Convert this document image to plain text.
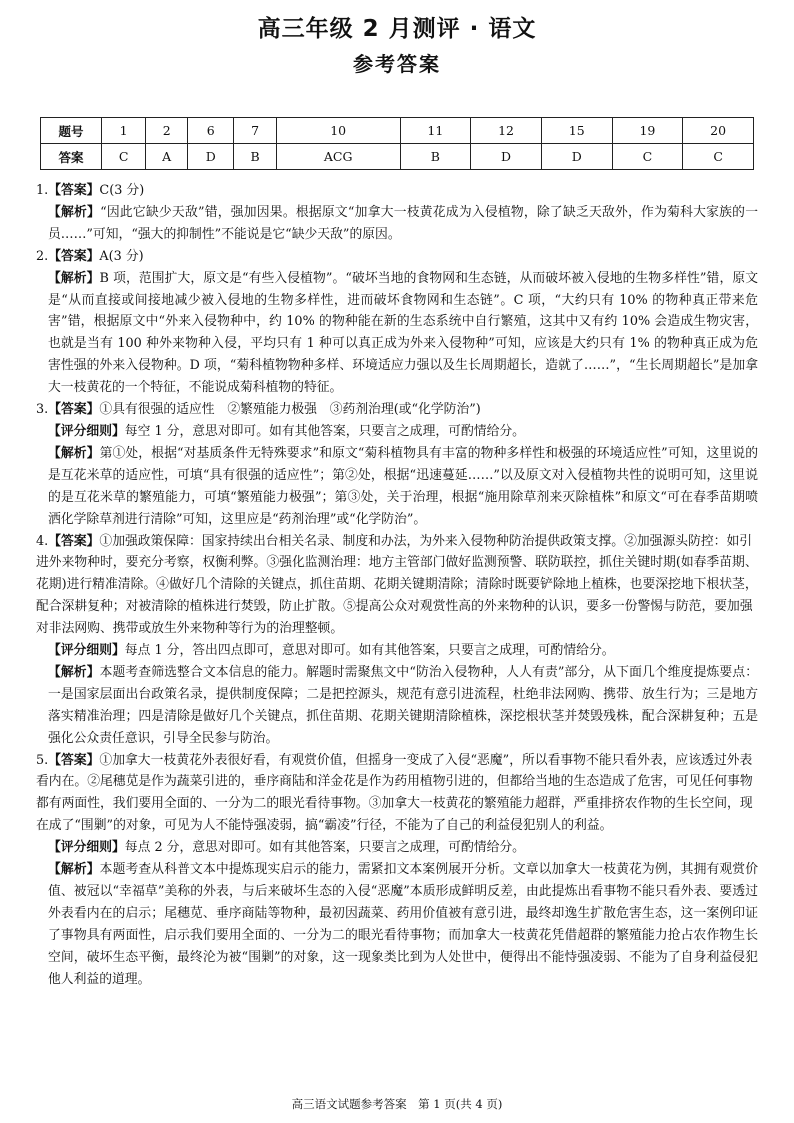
高三年级 2 月测评 · 语文
参考答案
题号	1	2	6	7	10	11	12	15	19	20
答案	C	A	D	B	ACG	B	D	D	C	C

1.【答案】C(3 分)

【解析】“因此它缺少天敌”错，强加因果。根据原文“加拿大一枝黄花成为入侵植物，除了缺乏天敌外，作为菊科大家族的一员……”可知，“强大的抑制性”不能说是它“缺少天敌”的原因。

2.【答案】A(3 分)

【解析】B 项，范围扩大，原文是“有些入侵植物”。“破坏当地的食物网和生态链，从而破坏被入侵地的生物多样性”错，原文是“从而直接或间接地减少被入侵地的生物多样性，进而破坏食物网和生态链”。C 项，“大约只有 10% 的物种真正带来危害”错，根据原文中“外来入侵物种中，约 10% 的物种能在新的生态系统中自行繁殖，这其中又有约 10% 会造成生物灾害，也就是当有 100 种外来物种入侵，平均只有 1 种可以真正成为外来入侵物种”可知，应该是大约只有 1% 的物种真正成为危害性强的外来入侵物种。D 项，“菊科植物物种多样、环境适应力强以及生长周期超长，造就了……”，“生长周期超长”是加拿大一枝黄花的一个特征，不能说成菊科植物的特征。

3.【答案】①具有很强的适应性　②繁殖能力极强　③药剂治理(或“化学防治”)

【评分细则】每空 1 分，意思对即可。如有其他答案，只要言之成理，可酌情给分。

【解析】第①处，根据“对基质条件无特殊要求”和原文“菊科植物具有丰富的物种多样性和极强的环境适应性”可知，这里说的是互花米草的适应性，可填“具有很强的适应性”；第②处，根据“迅速蔓延……”以及原文对入侵植物共性的说明可知，这里说的是互花米草的繁殖能力，可填“繁殖能力极强”；第③处，关于治理，根据“施用除草剂来灭除植株”和原文“可在春季苗期喷洒化学除草剂进行清除”可知，这里应是“药剂治理”或“化学防治”。

4.【答案】①加强政策保障：国家持续出台相关名录、制度和办法，为外来入侵物种防治提供政策支撑。②加强源头防控：如引进外来物种时，要充分考察，权衡利弊。③强化监测治理：地方主管部门做好监测预警、联防联控，抓住关键时期(如春季苗期、花期)进行精准清除。④做好几个清除的关键点，抓住苗期、花期关键期清除；清除时既要铲除地上植株，也要深挖地下根状茎，配合深耕复种；对被清除的植株进行焚毁，防止扩散。⑤提高公众对观赏性高的外来物种的认识，要多一份警惕与防范，要加强对非法网购、携带或放生外来物种等行为的治理整顿。

【评分细则】每点 1 分，答出四点即可，意思对即可。如有其他答案，只要言之成理，可酌情给分。

【解析】本题考查筛选整合文本信息的能力。解题时需聚焦文中“防治入侵物种，人人有责”部分，从下面几个维度提炼要点：一是国家层面出台政策名录，提供制度保障；二是把控源头，规范有意引进流程，杜绝非法网购、携带、放生行为；三是地方落实精准治理；四是清除是做好几个关键点，抓住苗期、花期关键期清除植株，深挖根状茎并焚毁残株，配合深耕复种；五是强化公众责任意识，引导全民参与防治。

5.【答案】①加拿大一枝黄花外表很好看，有观赏价值，但摇身一变成了入侵“恶魔”，所以看事物不能只看外表，应该透过外表看内在。②尾穗苋是作为蔬菜引进的，垂序商陆和洋金花是作为药用植物引进的，但都给当地的生态造成了危害，可见任何事物都有两面性，我们要用全面的、一分为二的眼光看待事物。③加拿大一枝黄花的繁殖能力超群，严重排挤农作物的生长空间，现在成了“围剿”的对象，可见为人不能恃强凌弱，搞“霸凌”行径，不能为了自己的利益侵犯别人的利益。

【评分细则】每点 2 分，意思对即可。如有其他答案，只要言之成理，可酌情给分。

【解析】本题考查从科普文本中提炼现实启示的能力，需紧扣文本案例展开分析。文章以加拿大一枝黄花为例，其拥有观赏价值、被冠以“幸福草”美称的外表，与后来破坏生态的入侵“恶魔”本质形成鲜明反差，由此提炼出看事物不能只看外表、要透过外表看内在的启示；尾穗苋、垂序商陆等物种，最初因蔬菜、药用价值被有意引进，最终却逸生扩散危害生态，这一案例印证了事物具有两面性，启示我们要用全面的、一分为二的眼光看待事物；而加拿大一枝黄花凭借超群的繁殖能力抢占农作物生长空间，破坏生态平衡，最终沦为被“围剿”的对象，这一现象类比到为人处世中，便得出不能恃强凌弱、不能为了自身利益侵犯他人利益的道理。

高三语文试题参考答案　第 1 页(共 4 页)
